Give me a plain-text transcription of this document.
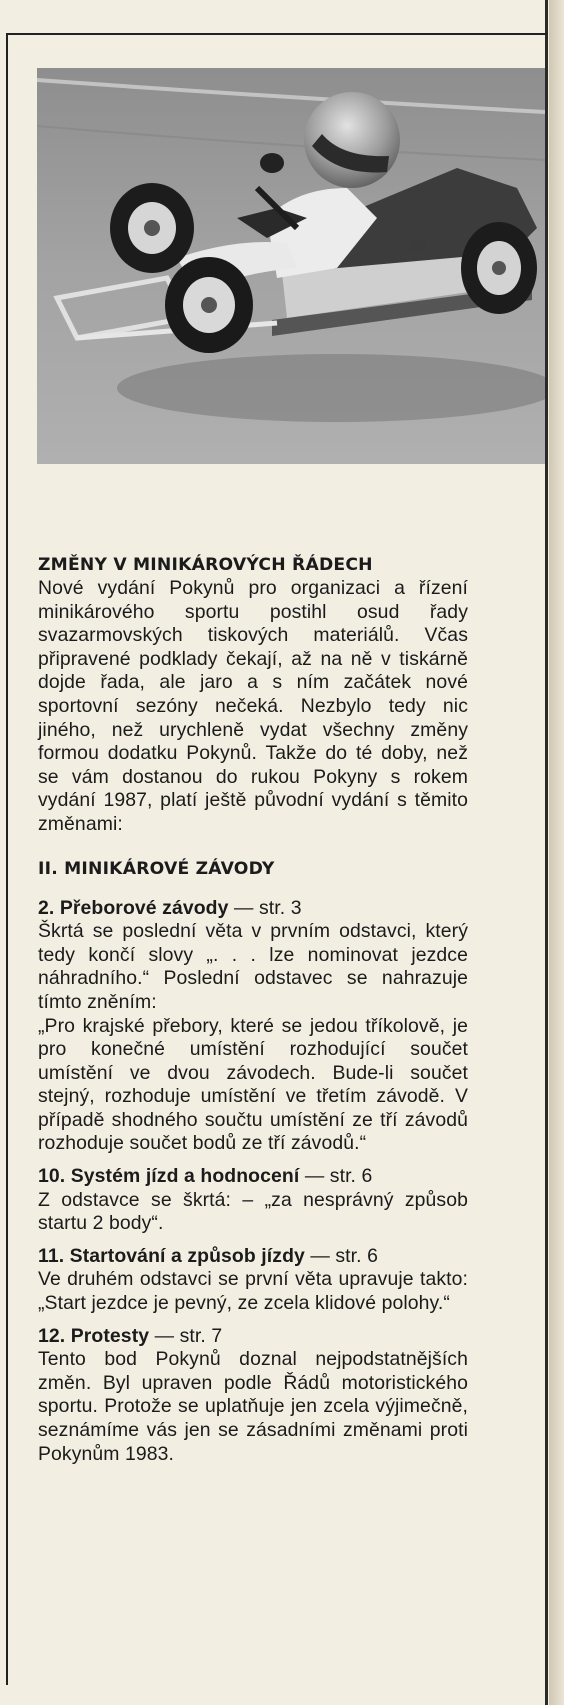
35
ZMĚNY V MINIKÁROVÝCH ŘÁDECH

Nové vydání Pokynů pro organizaci a řízení minikárového sportu postihl osud řady svazarmovských tiskových materiálů. Včas připravené podklady čekají, až na ně v tiskárně dojde řada, ale jaro a s ním začátek nové sportovní sezóny nečeká. Nezbylo tedy nic jiného, než urychleně vydat všechny změny formou dodatku Pokynů. Takže do té doby, než se vám dostanou do rukou Pokyny s rokem vydání 1987, platí ještě původní vydání s těmito změnami:

II. MINIKÁROVÉ ZÁVODY

2. Přeborové závody — str. 3

Škrtá se poslední věta v prvním odstavci, který tedy končí slovy „. . . lze nominovat jezdce náhradního.“ Poslední odstavec se nahrazuje tímto zněním:

„Pro krajské přebory, které se jedou tříkolově, je pro konečné umístění rozhodující součet umístění ve dvou závodech. Bude-li součet stejný, rozhoduje umístění ve třetím závodě. V případě shodného součtu umístění ze tří závodů rozhoduje součet bodů ze tří závodů.“

10. Systém jízd a hodnocení — str. 6

Z odstavce se škrtá: – „za nesprávný způsob startu 2 body“.

11. Startování a způsob jízdy — str. 6

Ve druhém odstavci se první věta upravuje takto: „Start jezdce je pevný, ze zcela klidové polohy.“

12. Protesty — str. 7

Tento bod Pokynů doznal nejpodstatnějších změn. Byl upraven podle Řádů motoristického sportu. Protože se uplatňuje jen zcela výjimečně, seznámíme vás jen se zásadními změnami proti Pokynům 1983.
